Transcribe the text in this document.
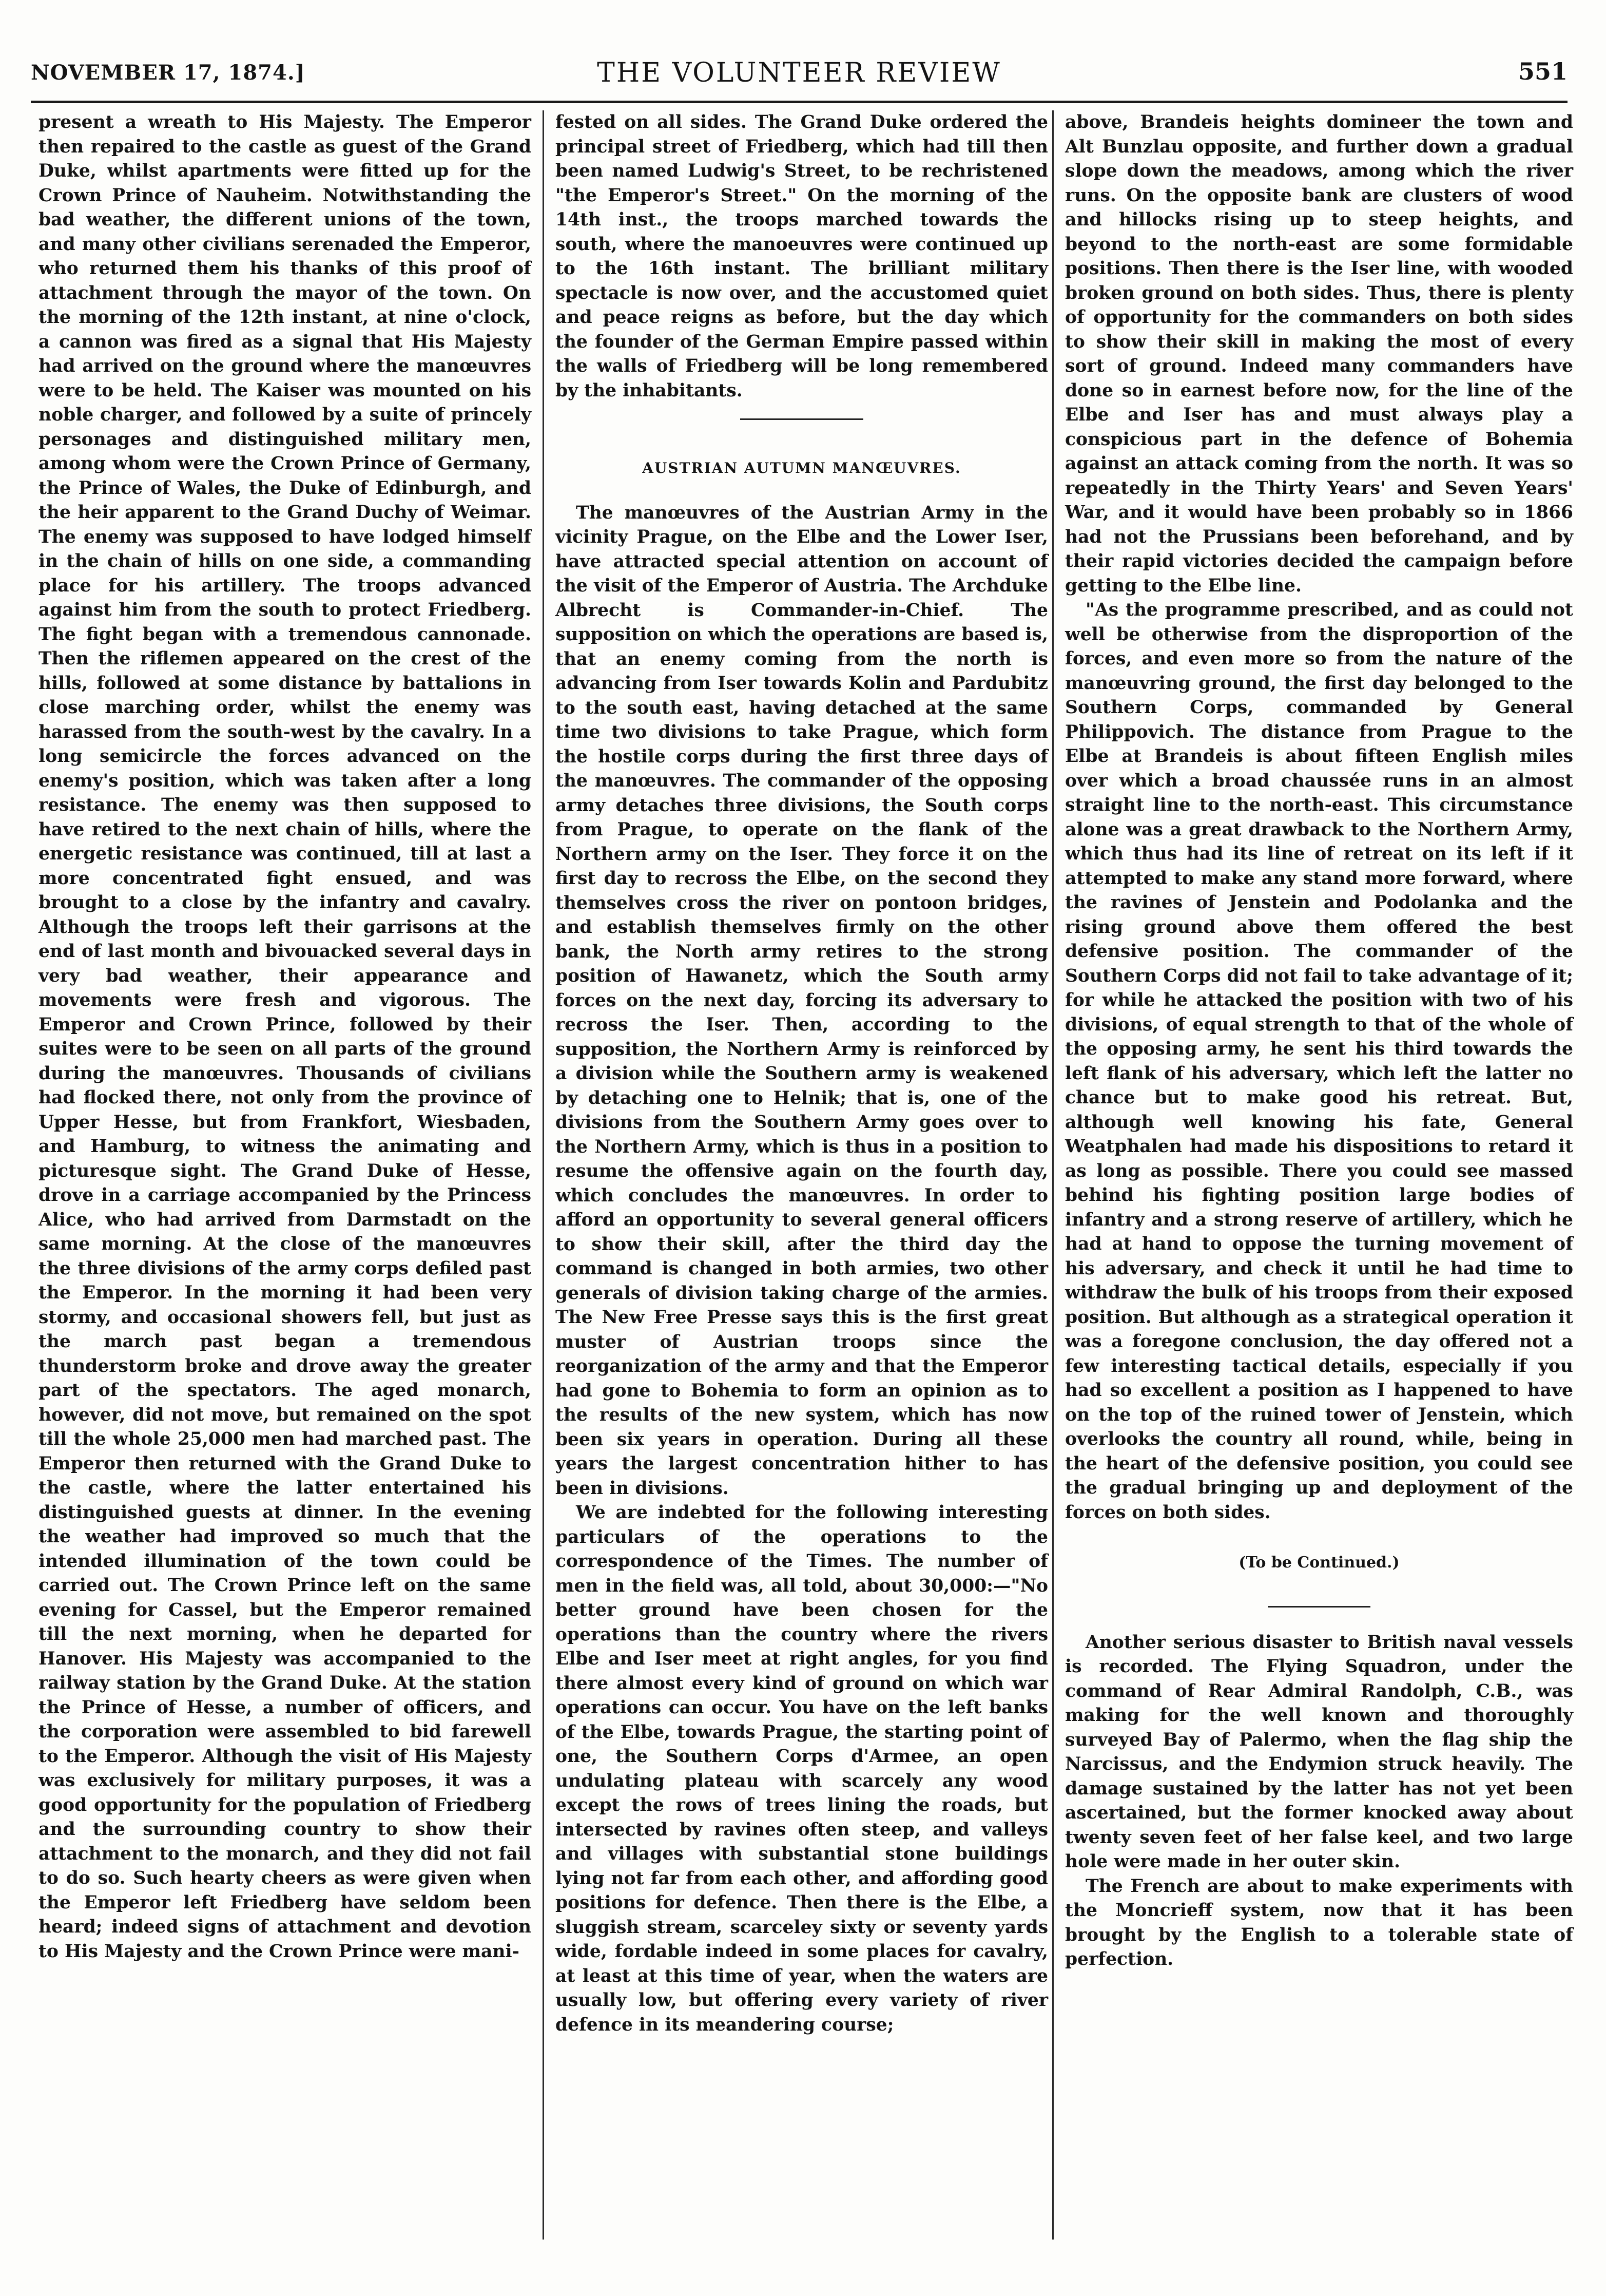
NOVEMBER 17, 1874.]	THE VOLUNTEER REVIEW	551

present a wreath to His Majesty. The Emperor then repaired to the castle as guest of the Grand Duke, whilst apartments were fitted up for the Crown Prince of Nauheim. Notwithstanding the bad weather, the different unions of the town, and many other civilians serenaded the Emperor, who returned them his thanks of this proof of attachment through the mayor of the town. On the morning of the 12th instant, at nine o'clock, a cannon was fired as a signal that His Majesty had arrived on the ground where the manœuvres were to be held. The Kaiser was mounted on his noble charger, and followed by a suite of princely personages and distinguished military men, among whom were the Crown Prince of Germany, the Prince of Wales, the Duke of Edinburgh, and the heir apparent to the Grand Duchy of Weimar. The enemy was supposed to have lodged himself in the chain of hills on one side, a commanding place for his artillery. The troops advanced against him from the south to protect Friedberg. The fight began with a tremendous cannonade. Then the riflemen appeared on the crest of the hills, followed at some distance by battalions in close marching order, whilst the enemy was harassed from the south-west by the cavalry. In a long semicircle the forces advanced on the enemy's position, which was taken after a long resistance. The enemy was then supposed to have retired to the next chain of hills, where the energetic resistance was continued, till at last a more concentrated fight ensued, and was brought to a close by the infantry and cavalry. Although the troops left their garrisons at the end of last month and bivouacked several days in very bad weather, their appearance and movements were fresh and vigorous. The Emperor and Crown Prince, followed by their suites were to be seen on all parts of the ground during the manœuvres. Thousands of civilians had flocked there, not only from the province of Upper Hesse, but from Frankfort, Wiesbaden, and Hamburg, to witness the animating and picturesque sight. The Grand Duke of Hesse, drove in a carriage accompanied by the Princess Alice, who had arrived from Darmstadt on the same morning. At the close of the manœuvres the three divisions of the army corps defiled past the Emperor. In the morning it had been very stormy, and occasional showers fell, but just as the march past began a tremendous thunderstorm broke and drove away the greater part of the spectators. The aged monarch, however, did not move, but remained on the spot till the whole 25,000 men had marched past. The Emperor then returned with the Grand Duke to the castle, where the latter entertained his distinguished guests at dinner. In the evening the weather had improved so much that the intended illumination of the town could be carried out. The Crown Prince left on the same evening for Cassel, but the Emperor remained till the next morning, when he departed for Hanover. His Majesty was accompanied to the railway station by the Grand Duke. At the station the Prince of Hesse, a number of officers, and the corporation were assembled to bid farewell to the Emperor. Although the visit of His Majesty was exclusively for military purposes, it was a good opportunity for the population of Friedberg and the surrounding country to show their attachment to the monarch, and they did not fail to do so. Such hearty cheers as were given when the Emperor left Friedberg have seldom been heard; indeed signs of attachment and devotion to His Majesty and the Crown Prince were mani-

fested on all sides. The Grand Duke ordered the principal street of Friedberg, which had till then been named Ludwig's Street, to be rechristened "the Emperor's Street." On the morning of the 14th inst., the troops marched towards the south, where the manoeuvres were continued up to the 16th instant. The brilliant military spectacle is now over, and the accustomed quiet and peace reigns as before, but the day which the founder of the German Empire passed within the walls of Friedberg will be long remembered by the inhabitants.

AUSTRIAN AUTUMN MANŒUVRES.

The manœuvres of the Austrian Army in the vicinity Prague, on the Elbe and the Lower Iser, have attracted special attention on account of the visit of the Emperor of Austria. The Archduke Albrecht is Commander-in-Chief. The supposition on which the operations are based is, that an enemy coming from the north is advancing from Iser towards Kolin and Pardubitz to the south east, having detached at the same time two divisions to take Prague, which form the hostile corps during the first three days of the manœuvres. The commander of the opposing army detaches three divisions, the South corps from Prague, to operate on the flank of the Northern army on the Iser. They force it on the first day to recross the Elbe, on the second they themselves cross the river on pontoon bridges, and establish themselves firmly on the other bank, the North army retires to the strong position of Hawanetz, which the South army forces on the next day, forcing its adversary to recross the Iser. Then, according to the supposition, the Northern Army is reinforced by a division while the Southern army is weakened by detaching one to Helnik; that is, one of the divisions from the Southern Army goes over to the Northern Army, which is thus in a position to resume the offensive again on the fourth day, which concludes the manœuvres. In order to afford an opportunity to several general officers to show their skill, after the third day the command is changed in both armies, two other generals of division taking charge of the armies. The New Free Presse says this is the first great muster of Austrian troops since the reorganization of the army and that the Emperor had gone to Bohemia to form an opinion as to the results of the new system, which has now been six years in operation. During all these years the largest concentration hither to has been in divisions.

We are indebted for the following interesting particulars of the operations to the correspondence of the Times. The number of men in the field was, all told, about 30,000:—"No better ground have been chosen for the operations than the country where the rivers Elbe and Iser meet at right angles, for you find there almost every kind of ground on which war operations can occur. You have on the left banks of the Elbe, towards Prague, the starting point of one, the Southern Corps d'Armee, an open undulating plateau with scarcely any wood except the rows of trees lining the roads, but intersected by ravines often steep, and valleys and villages with substantial stone buildings lying not far from each other, and affording good positions for defence. Then there is the Elbe, a sluggish stream, scarceley sixty or seventy yards wide, fordable indeed in some places for cavalry, at least at this time of year, when the waters are usually low, but offering every variety of river defence in its meandering course;

above, Brandeis heights domineer the town and Alt Bunzlau opposite, and further down a gradual slope down the meadows, among which the river runs. On the opposite bank are clusters of wood and hillocks rising up to steep heights, and beyond to the north-east are some formidable positions. Then there is the Iser line, with wooded broken ground on both sides. Thus, there is plenty of opportunity for the commanders on both sides to show their skill in making the most of every sort of ground. Indeed many commanders have done so in earnest before now, for the line of the Elbe and Iser has and must always play a conspicious part in the defence of Bohemia against an attack coming from the north. It was so repeatedly in the Thirty Years' and Seven Years' War, and it would have been probably so in 1866 had not the Prussians been beforehand, and by their rapid victories decided the campaign before getting to the Elbe line.

"As the programme prescribed, and as could not well be otherwise from the disproportion of the forces, and even more so from the nature of the manœuvring ground, the first day belonged to the Southern Corps, commanded by General Philippovich. The distance from Prague to the Elbe at Brandeis is about fifteen English miles over which a broad chaussée runs in an almost straight line to the north-east. This circumstance alone was a great drawback to the Northern Army, which thus had its line of retreat on its left if it attempted to make any stand more forward, where the ravines of Jenstein and Podolanka and the rising ground above them offered the best defensive position. The commander of the Southern Corps did not fail to take advantage of it; for while he attacked the position with two of his divisions, of equal strength to that of the whole of the opposing army, he sent his third towards the left flank of his adversary, which left the latter no chance but to make good his retreat. But, although well knowing his fate, General Weatphalen had made his dispositions to retard it as long as possible. There you could see massed behind his fighting position large bodies of infantry and a strong reserve of artillery, which he had at hand to oppose the turning movement of his adversary, and check it until he had time to withdraw the bulk of his troops from their exposed position. But although as a strategical operation it was a foregone conclusion, the day offered not a few interesting tactical details, especially if you had so excellent a position as I happened to have on the top of the ruined tower of Jenstein, which overlooks the country all round, while, being in the heart of the defensive position, you could see the gradual bringing up and deployment of the forces on both sides.

(To be Continued.)

Another serious disaster to British naval vessels is recorded. The Flying Squadron, under the command of Rear Admiral Randolph, C.B., was making for the well known and thoroughly surveyed Bay of Palermo, when the flag ship the Narcissus, and the Endymion struck heavily. The damage sustained by the latter has not yet been ascertained, but the former knocked away about twenty seven feet of her false keel, and two large hole were made in her outer skin.

The French are about to make experiments with the Moncrieff system, now that it has been brought by the English to a tolerable state of perfection.
